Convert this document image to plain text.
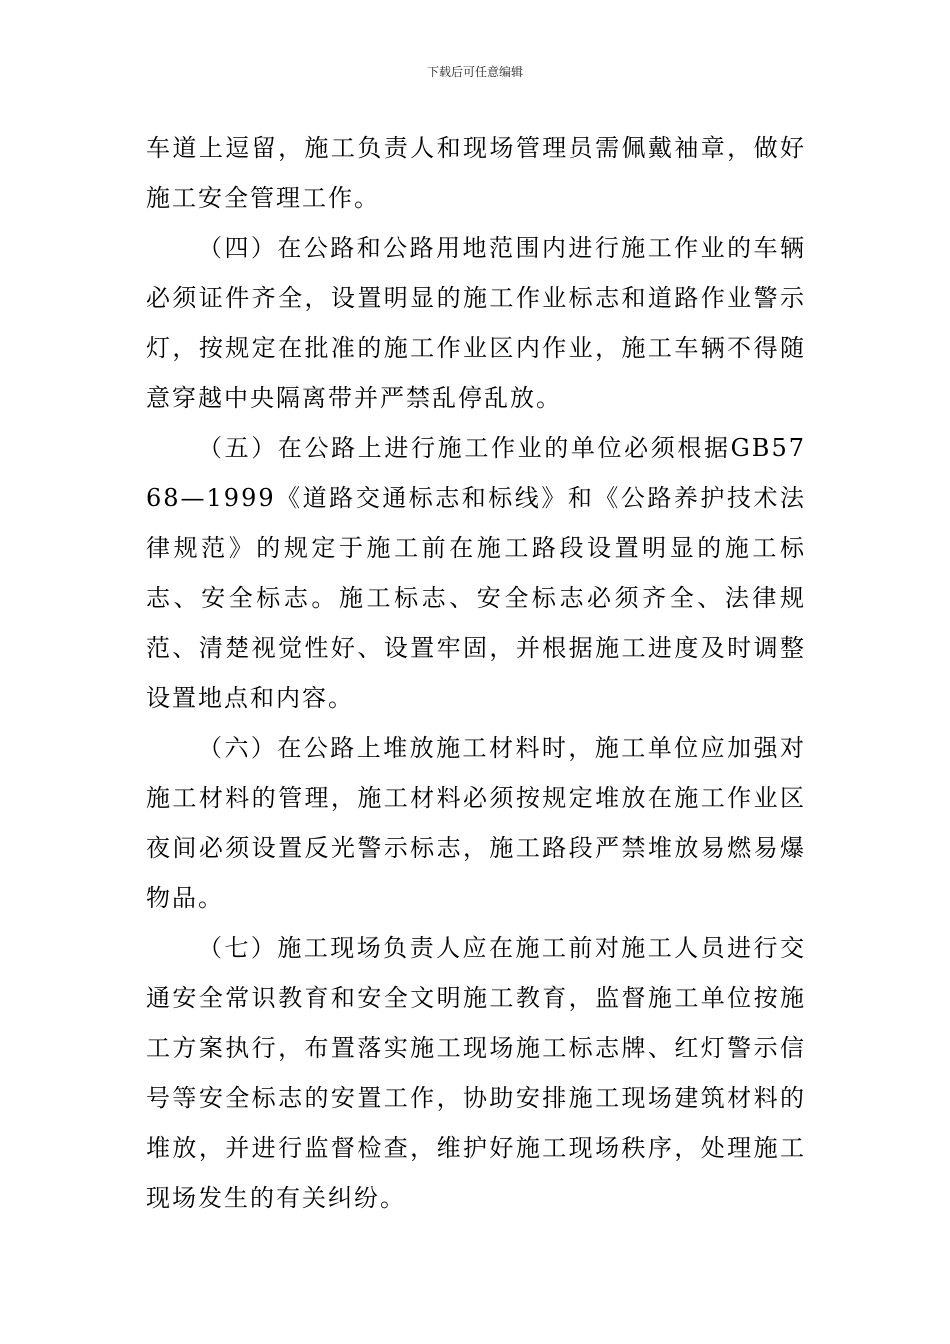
下载后可任意编辑

车道上逗留，施工负责人和现场管理员需佩戴袖章，做好施工安全管理工作。

（四）在公路和公路用地范围内进行施工作业的车辆必须证件齐全，设置明显的施工作业标志和道路作业警示灯，按规定在批准的施工作业区内作业，施工车辆不得随意穿越中央隔离带并严禁乱停乱放。

（五）在公路上进行施工作业的单位必须根据GB5768—1999《道路交通标志和标线》和《公路养护技术法律规范》的规定于施工前在施工路段设置明显的施工标志、安全标志。施工标志、安全标志必须齐全、法律规范、清楚视觉性好、设置牢固，并根据施工进度及时调整设置地点和内容。

（六）在公路上堆放施工材料时，施工单位应加强对施工材料的管理，施工材料必须按规定堆放在施工作业区夜间必须设置反光警示标志，施工路段严禁堆放易燃易爆物品。

（七）施工现场负责人应在施工前对施工人员进行交通安全常识教育和安全文明施工教育，监督施工单位按施工方案执行，布置落实施工现场施工标志牌、红灯警示信号等安全标志的安置工作，协助安排施工现场建筑材料的堆放，并进行监督检查，维护好施工现场秩序，处理施工现场发生的有关纠纷。
